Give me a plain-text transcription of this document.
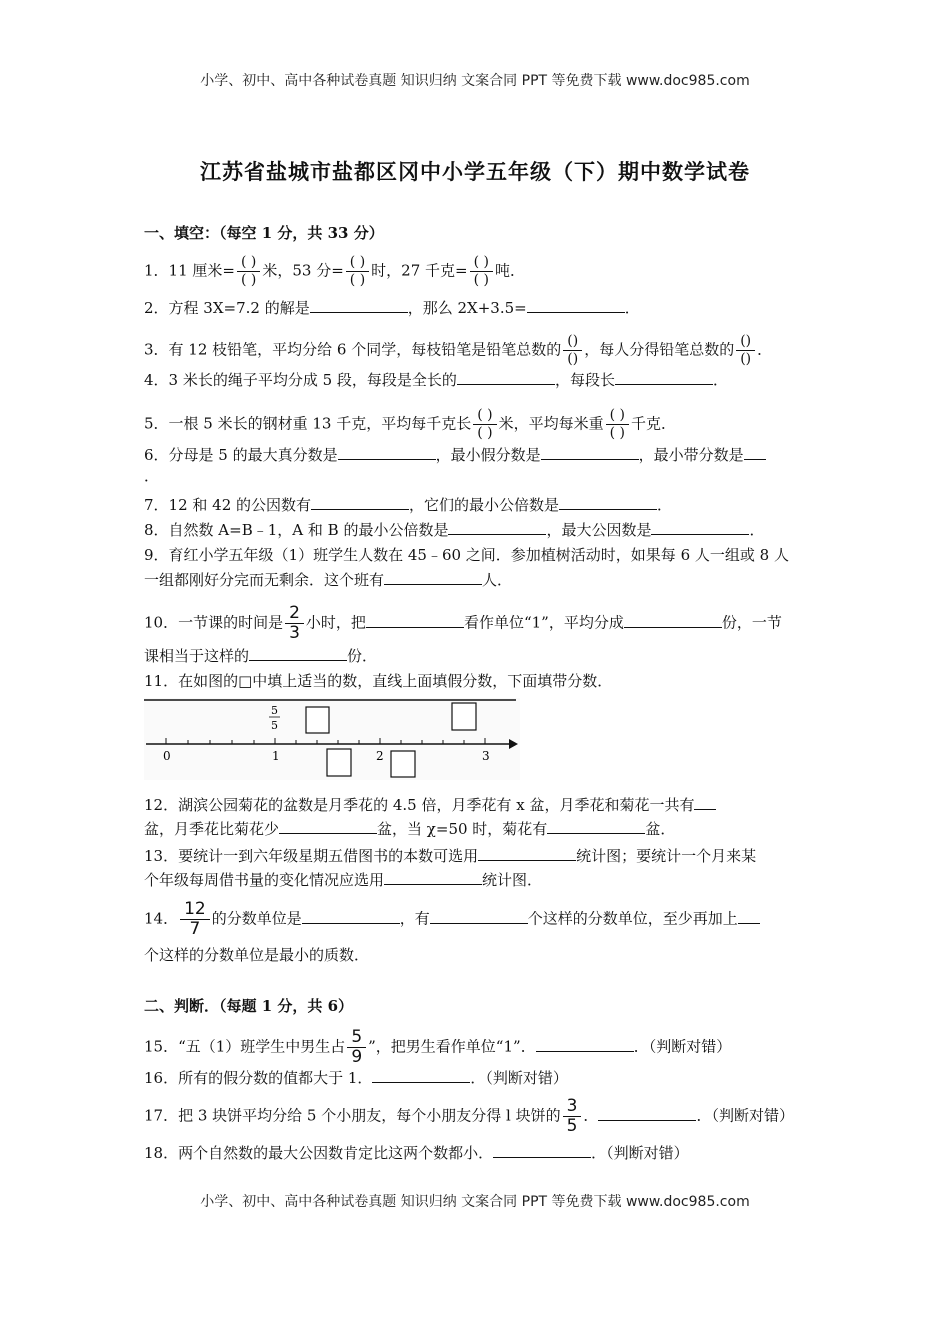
小学、初中、高中各种试卷真题 知识归纳 文案合同 PPT 等免费下载 www.doc985.com
江苏省盐城市盐都区冈中小学五年级（下）期中数学试卷
一、填空：（每空 1 分，共 33 分）
1．11 厘米= $\frac{( )}{( )}$ 米，53 分= $\frac{( )}{( )}$ 时，27 千克= $\frac{( )}{( )}$ 吨．
2．方程 3X=7.2 的解是	，那么 2X+3.5=	．
3．有 12 枝铅笔，平均分给 6 个同学，每枝铅笔是铅笔总数的 $\frac{()}{()}$ ，每人分得铅笔总数的 $\frac{()}{()}$ ．
4．3 米长的绳子平均分成 5 段，每段是全长的	，每段长	．
5．一根 5 米长的钢材重 13 千克，平均每千克长 $\frac{( )}{( )}$ 米，平均每米重 $\frac{( )}{( )}$ 千克．
6．分母是 5 的最大真分数是	，最小假分数是	，最小带分数是
．
7．12 和 42 的公因数有	，它们的最小公倍数是	．
8．自然数 A=B﹣1，A 和 B 的最小公倍数是	，最大公因数是	．
9．育红小学五年级（1）班学生人数在 45﹣60 之间．参加植树活动时，如果每 6 人一组或 8 人
一组都刚好分完而无剩余．这个班有	人．
10．一节课的时间是 $\frac{2}{3}$ 小时，把	看作单位“1”，平均分成	份，一节
课相当于这样的	份．
11．在如图的□中填上适当的数，直线上面填假分数，下面填带分数．
0	1	2	3
5
5
12．湖滨公园菊花的盆数是月季花的 4.5 倍，月季花有 x 盆，月季花和菊花一共有
盆，月季花比菊花少	盆，当 χ=50 时，菊花有	盆．
13．要统计一到六年级星期五借图书的本数可选用	统计图；要统计一个月来某
个年级每周借书量的变化情况应选用	统计图．
14． $\frac{12}{7}$ 的分数单位是	，有	个这样的分数单位，至少再加上
个这样的分数单位是最小的质数．
二、判断．（每题 1 分，共 6）
15．“五（1）班学生中男生占 $\frac{5}{9}$ ”，把男生看作单位“1”．	．（判断对错）
16．所有的假分数的值都大于 1．	．（判断对错）
17．把 3 块饼平均分给 5 个小朋友，每个小朋友分得 l 块饼的 $\frac{3}{5}$ ．	．（判断对错）
18．两个自然数的最大公因数肯定比这两个数都小．	．（判断对错）
小学、初中、高中各种试卷真题 知识归纳 文案合同 PPT 等免费下载 www.doc985.com
